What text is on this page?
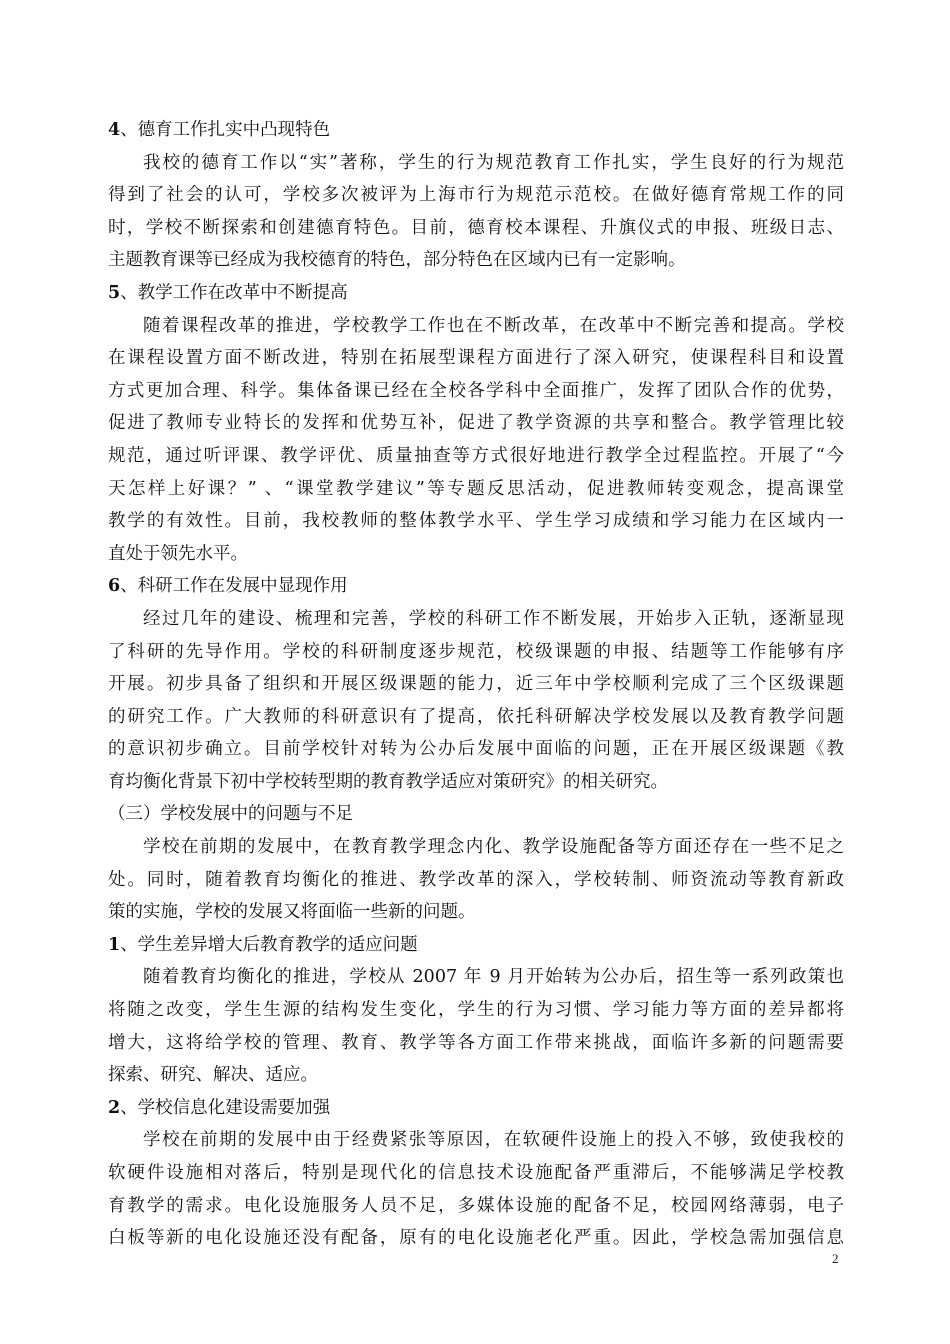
4、德育工作扎实中凸现特色
我校的德育工作以“实”著称，学生的行为规范教育工作扎实，学生良好的行为规范
得到了社会的认可，学校多次被评为上海市行为规范示范校。在做好德育常规工作的同
时，学校不断探索和创建德育特色。目前，德育校本课程、升旗仪式的申报、班级日志、
主题教育课等已经成为我校德育的特色，部分特色在区域内已有一定影响。
5、教学工作在改革中不断提高
随着课程改革的推进，学校教学工作也在不断改革，在改革中不断完善和提高。学校
在课程设置方面不断改进，特别在拓展型课程方面进行了深入研究，使课程科目和设置
方式更加合理、科学。集体备课已经在全校各学科中全面推广，发挥了团队合作的优势，
促进了教师专业特长的发挥和优势互补，促进了教学资源的共享和整合。教学管理比较
规范，通过听评课、教学评优、质量抽查等方式很好地进行教学全过程监控。开展了“今
天怎样上好课？” 、“课堂教学建议”等专题反思活动，促进教师转变观念，提高课堂
教学的有效性。目前，我校教师的整体教学水平、学生学习成绩和学习能力在区域内一
直处于领先水平。
6、科研工作在发展中显现作用
经过几年的建设、梳理和完善，学校的科研工作不断发展，开始步入正轨，逐渐显现
了科研的先导作用。学校的科研制度逐步规范，校级课题的申报、结题等工作能够有序
开展。初步具备了组织和开展区级课题的能力，近三年中学校顺利完成了三个区级课题
的研究工作。广大教师的科研意识有了提高，依托科研解决学校发展以及教育教学问题
的意识初步确立。目前学校针对转为公办后发展中面临的问题，正在开展区级课题《教
育均衡化背景下初中学校转型期的教育教学适应对策研究》的相关研究。
（三）学校发展中的问题与不足
学校在前期的发展中，在教育教学理念内化、教学设施配备等方面还存在一些不足之
处。同时，随着教育均衡化的推进、教学改革的深入，学校转制、师资流动等教育新政
策的实施，学校的发展又将面临一些新的问题。
1、学生差异增大后教育教学的适应问题
随着教育均衡化的推进，学校从 2007 年 9 月开始转为公办后，招生等一系列政策也
将随之改变，学生生源的结构发生变化，学生的行为习惯、学习能力等方面的差异都将
增大，这将给学校的管理、教育、教学等各方面工作带来挑战，面临许多新的问题需要
探索、研究、解决、适应。
2、学校信息化建设需要加强
学校在前期的发展中由于经费紧张等原因，在软硬件设施上的投入不够，致使我校的
软硬件设施相对落后，特别是现代化的信息技术设施配备严重滞后，不能够满足学校教
育教学的需求。电化设施服务人员不足，多媒体设施的配备不足，校园网络薄弱，电子
白板等新的电化设施还没有配备，原有的电化设施老化严重。因此，学校急需加强信息
2
